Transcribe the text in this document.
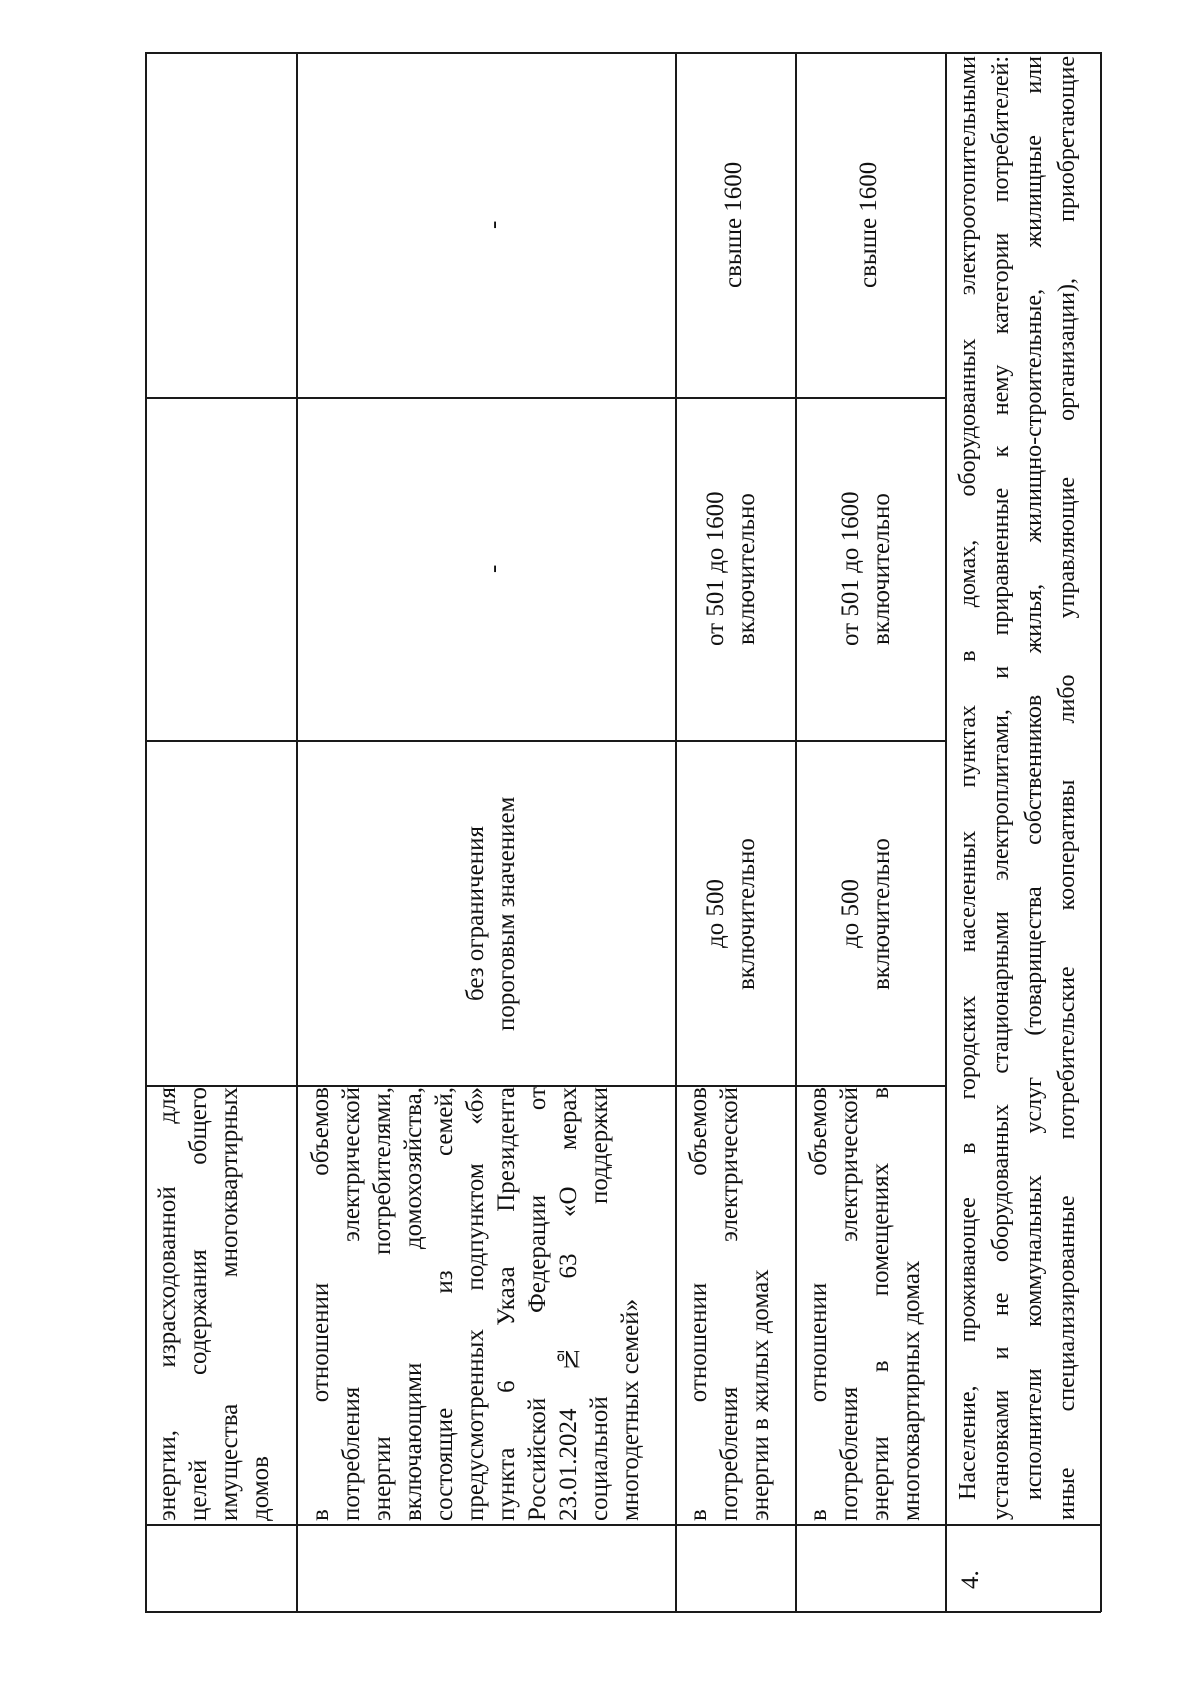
энергии, израсходованной для целей содержания общего имущества многоквартирных домов в отношении объемов потребления электрической энергии потребителями, включающими домохозяйства, состоящие из семей, предусмотренных подпунктом «б» пункта 6 Указа Президента Российской Федерации от 23.01.2024 № 63 «О мерах социальной поддержки многодетных семей»
без ограничения пороговым значением
-
-
в отношении объемов потребления электрической энергии в жилых домах
до 500 включительно
от 501 до 1600 включительно
свыше 1600
в отношении объемов потребления электрической энергии в помещениях в многоквартирных домах
до 500 включительно
от 501 до 1600 включительно
свыше 1600
4.
Население, проживающее в городских населенных пунктах в домах, оборудованных электроотопительными установками и не оборудованных стационарными электроплитами, и приравненные к нему категории потребителей: исполнители коммунальных услуг (товарищества собственников жилья, жилищно-строительные, жилищные или иные специализированные потребительские кооперативы либо управляющие организации), приобретающие
